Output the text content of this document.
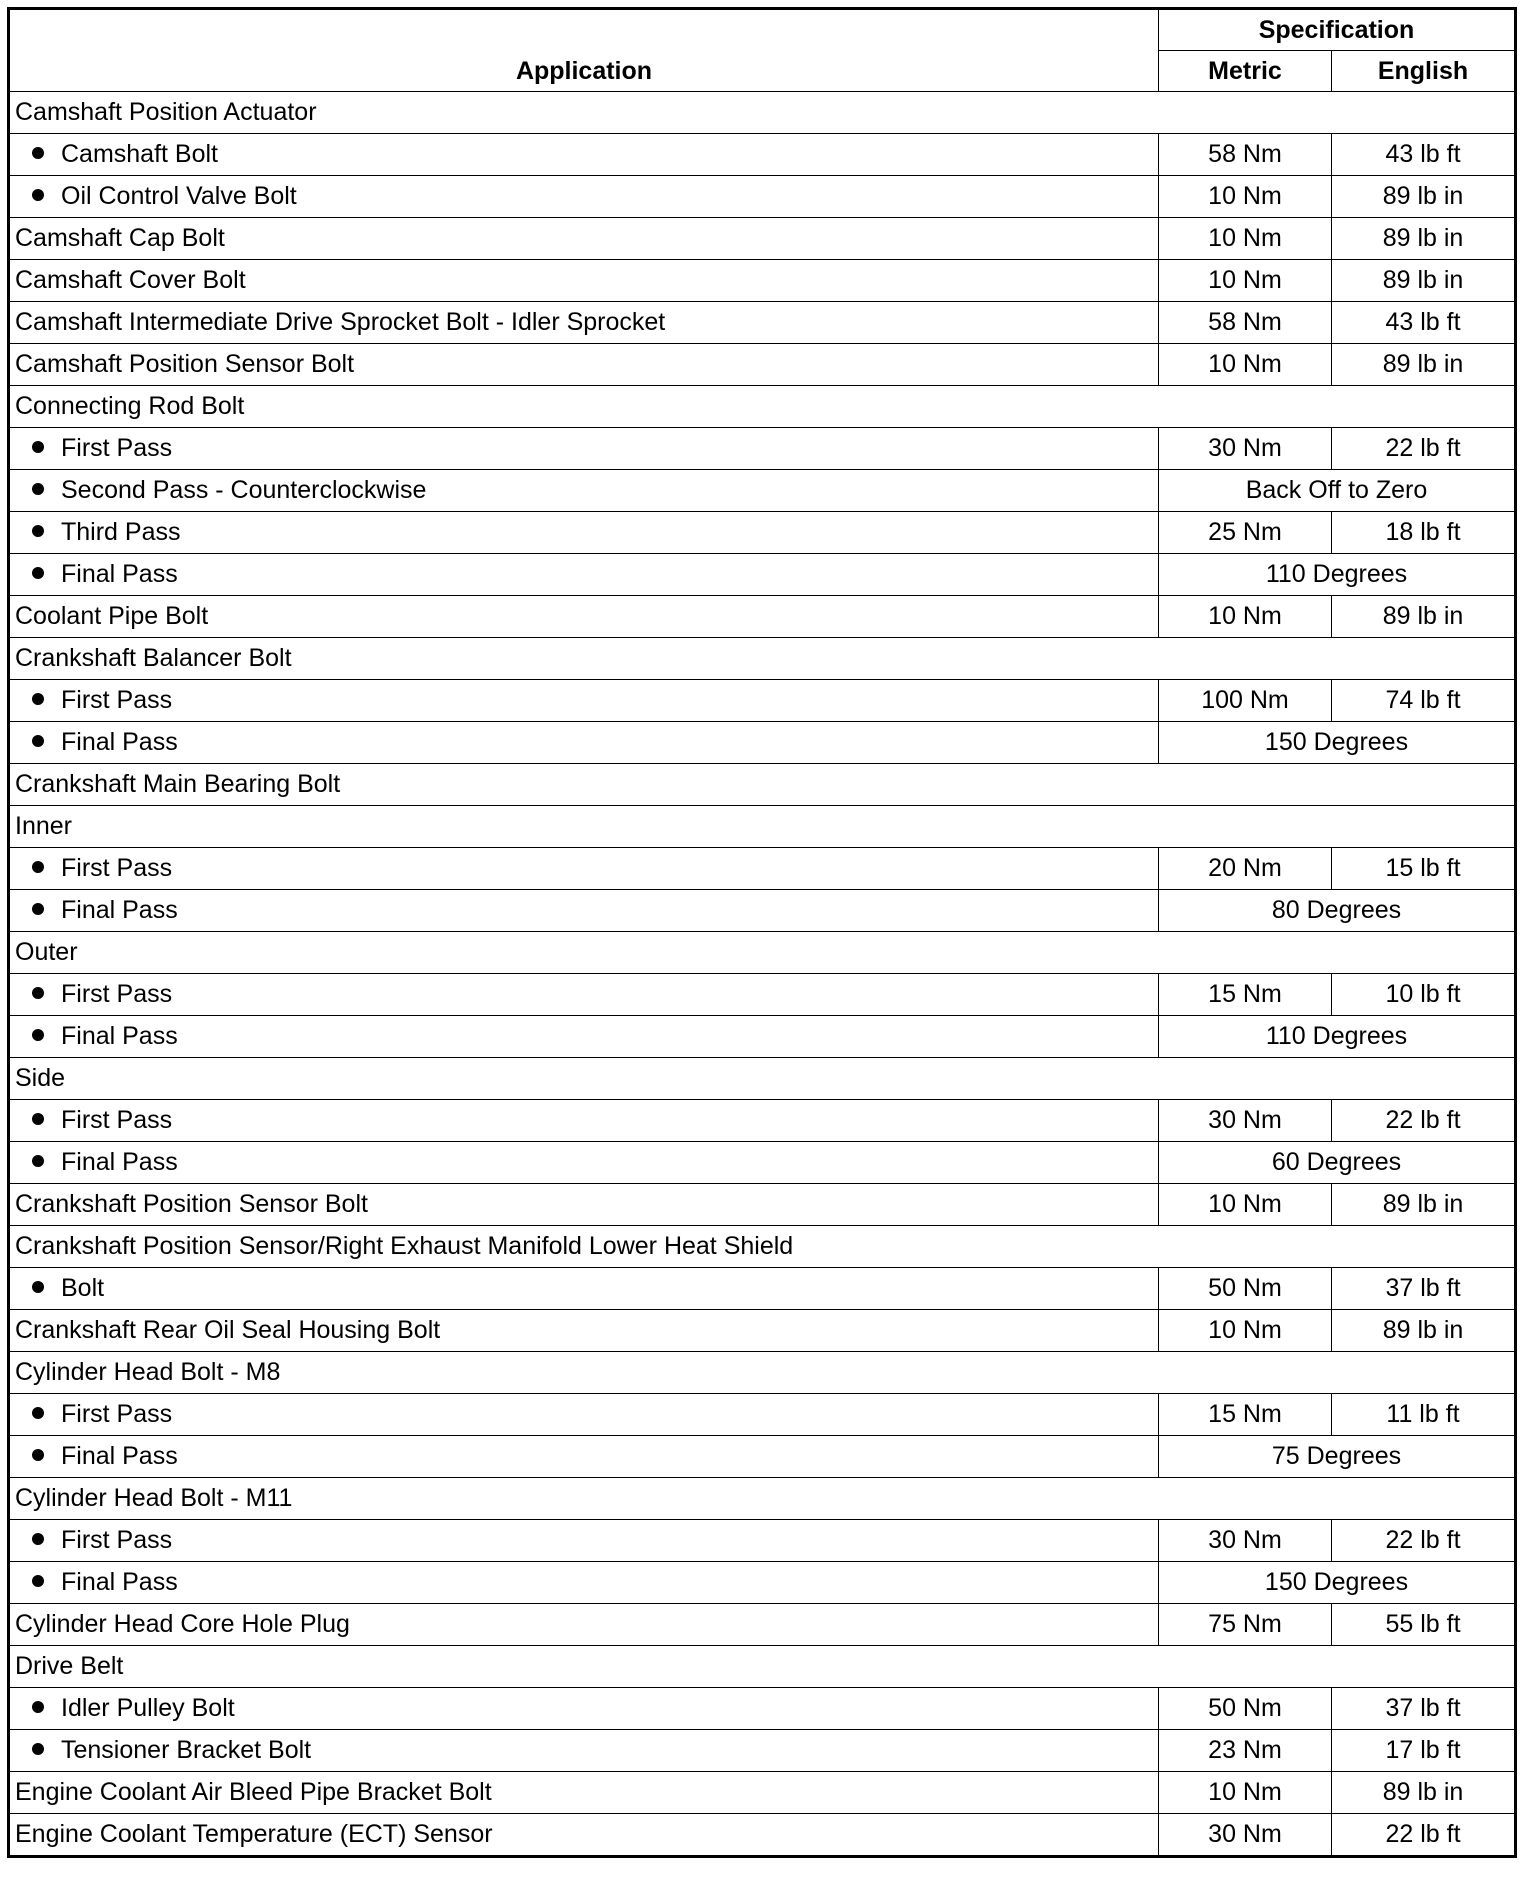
Application	Specification	
	Metric	English
Camshaft Position Actuator		
Camshaft Bolt	58 Nm	43 lb ft
Oil Control Valve Bolt	10 Nm	89 lb in
Camshaft Cap Bolt	10 Nm	89 lb in
Camshaft Cover Bolt	10 Nm	89 lb in
Camshaft Intermediate Drive Sprocket Bolt - Idler Sprocket	58 Nm	43 lb ft
Camshaft Position Sensor Bolt	10 Nm	89 lb in
Connecting Rod Bolt		
First Pass	30 Nm	22 lb ft
Second Pass - Counterclockwise	Back Off to Zero	
Third Pass	25 Nm	18 lb ft
Final Pass	110 Degrees	
Coolant Pipe Bolt	10 Nm	89 lb in
Crankshaft Balancer Bolt		
First Pass	100 Nm	74 lb ft
Final Pass	150 Degrees	
Crankshaft Main Bearing Bolt		
Inner		
First Pass	20 Nm	15 lb ft
Final Pass	80 Degrees	
Outer		
First Pass	15 Nm	10 lb ft
Final Pass	110 Degrees	
Side		
First Pass	30 Nm	22 lb ft
Final Pass	60 Degrees	
Crankshaft Position Sensor Bolt	10 Nm	89 lb in
Crankshaft Position Sensor/Right Exhaust Manifold Lower Heat Shield		
Bolt	50 Nm	37 lb ft
Crankshaft Rear Oil Seal Housing Bolt	10 Nm	89 lb in
Cylinder Head Bolt - M8		
First Pass	15 Nm	11 lb ft
Final Pass	75 Degrees	
Cylinder Head Bolt - M11		
First Pass	30 Nm	22 lb ft
Final Pass	150 Degrees	
Cylinder Head Core Hole Plug	75 Nm	55 lb ft
Drive Belt		
Idler Pulley Bolt	50 Nm	37 lb ft
Tensioner Bracket Bolt	23 Nm	17 lb ft
Engine Coolant Air Bleed Pipe Bracket Bolt	10 Nm	89 lb in
Engine Coolant Temperature (ECT) Sensor	30 Nm	22 lb ft
